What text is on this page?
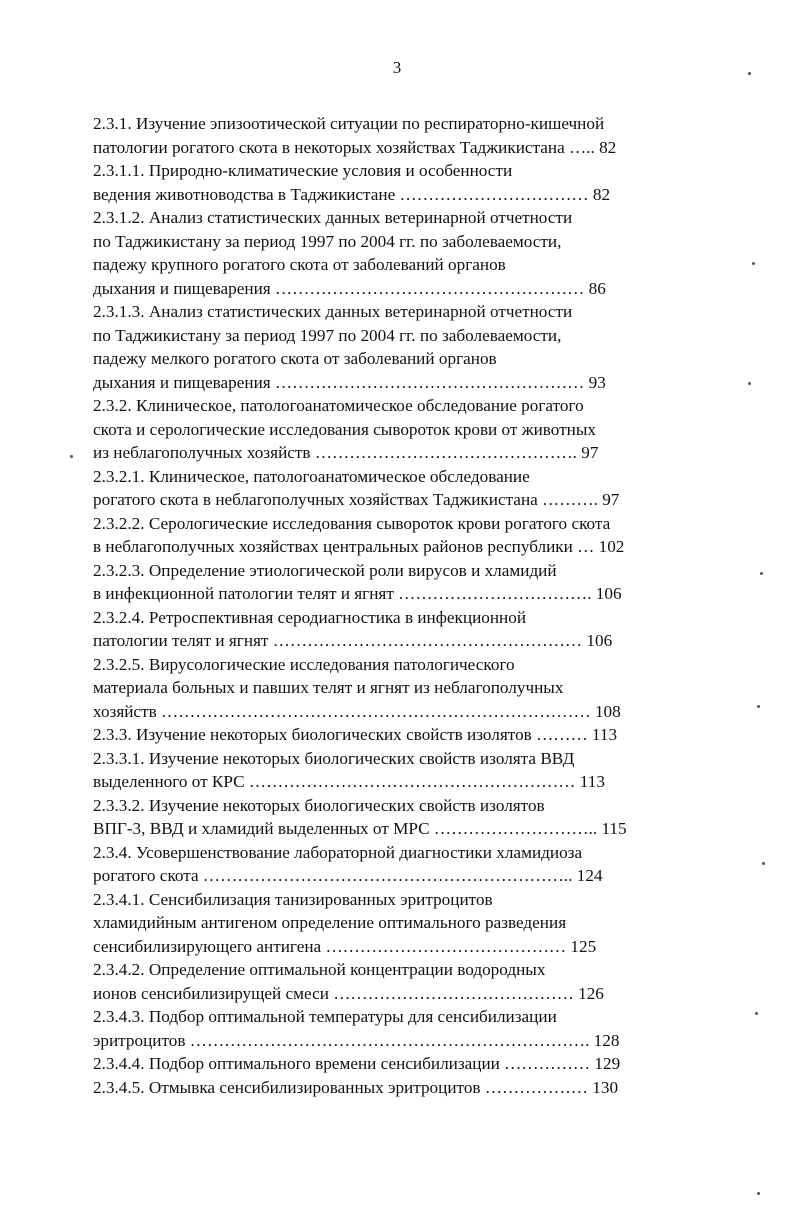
3
2.3.1. Изучение эпизоотической ситуации по респираторно-кишечной
патологии рогатого скота в некоторых хозяйствах Таджикистана ….. 82
2.3.1.1. Природно-климатические условия и особенности
ведения животноводства в Таджикистане …………………………… 82
2.3.1.2. Анализ статистических данных ветеринарной отчетности
по Таджикистану за период 1997 по 2004 гг. по заболеваемости,
падежу крупного рогатого скота от заболеваний органов
дыхания и пищеварения ……………………………………………… 86
2.3.1.3. Анализ статистических данных ветеринарной отчетности
по Таджикистану за период 1997 по 2004 гг. по заболеваемости,
падежу мелкого рогатого скота от заболеваний органов
дыхания и пищеварения ……………………………………………… 93
2.3.2. Клиническое, патологоанатомическое обследование рогатого
скота и серологические исследования сывороток крови от животных
из неблагополучных хозяйств ………………………………………. 97
2.3.2.1. Клиническое, патологоанатомическое обследование
рогатого скота в неблагополучных хозяйствах Таджикистана ………. 97
2.3.2.2. Серологические исследования сывороток крови рогатого скота
в неблагополучных хозяйствах центральных районов республики … 102
2.3.2.3. Определение этиологической роли вирусов и хламидий
в инфекционной патологии телят и ягнят ……………………………. 106
2.3.2.4. Ретроспективная серодиагностика в инфекционной
патологии телят и ягнят ……………………………………………… 106
2.3.2.5. Вирусологические исследования патологического
материала больных и павших телят и ягнят из неблагополучных
хозяйств ………………………………………………………………… 108
2.3.3. Изучение некоторых биологических свойств изолятов ……… 113
2.3.3.1. Изучение некоторых биологических свойств изолята ВВД
выделенного от КРС ………………………………………………… 113
2.3.3.2. Изучение некоторых биологических свойств изолятов
ВПГ-3, ВВД и хламидий выделенных от МРС ……………………….. 115
2.3.4. Усовершенствование лабораторной диагностики хламидиоза
рогатого скота ……………………………………………………….. 124
2.3.4.1. Сенсибилизация танизированных эритроцитов
хламидийным антигеном определение оптимального разведения
сенсибилизирующего антигена …………………………………… 125
2.3.4.2. Определение оптимальной концентрации водородных
ионов сенсибилизирущей смеси …………………………………… 126
2.3.4.3. Подбор оптимальной температуры для сенсибилизации
эритроцитов ……………………………………………………………. 128
2.3.4.4. Подбор оптимального времени сенсибилизации …………… 129
2.3.4.5. Отмывка сенсибилизированных эритроцитов ……………… 130
